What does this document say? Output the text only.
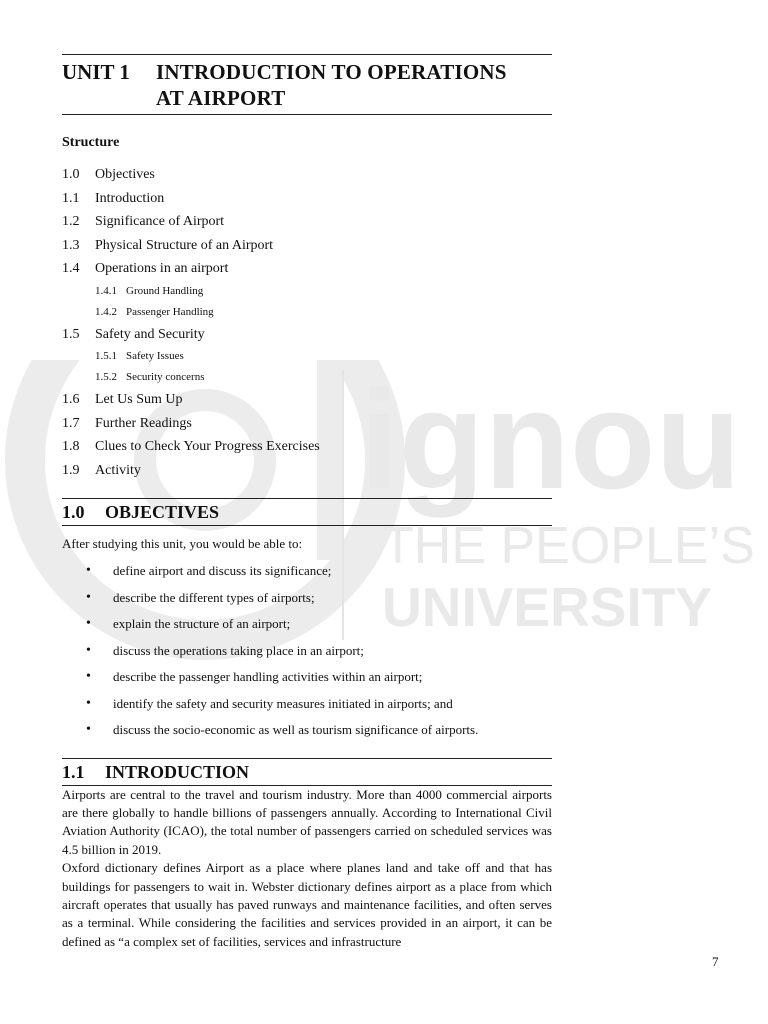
ignou
THE PEOPLE’S
UNIVERSITY
UNIT 1	INTRODUCTION TO OPERATIONS
AT AIRPORT
Structure
1.0	Objectives
1.1	Introduction
1.2	Significance of Airport
1.3	Physical Structure of an Airport
1.4	Operations in an airport
1.4.1 Ground Handling
1.4.2 Passenger Handling
1.5	Safety and Security
1.5.1 Safety Issues
1.5.2 Security concerns
1.6	Let Us Sum Up
1.7	Further Readings
1.8	Clues to Check Your Progress Exercises
1.9	Activity
1.0	OBJECTIVES
After studying this unit, you would be able to:
• define airport and discuss its significance;
• describe the different types of airports;
• explain the structure of an airport;
• discuss the operations taking place in an airport;
• describe the passenger handling activities within an airport;
• identify the safety and security measures initiated in airports; and
• discuss the socio-economic as well as tourism significance of airports.
1.1	INTRODUCTION

Airports are central to the travel and tourism industry. More than 4000 commercial airports are there globally to handle billions of passengers annually. According to International Civil Aviation Authority (ICAO), the total number of passengers carried on scheduled services was 4.5 billion in 2019.

Oxford dictionary defines Airport as a place where planes land and take off and that has buildings for passengers to wait in. Webster dictionary defines airport as a place from which aircraft operates that usually has paved runways and maintenance facilities, and often serves as a terminal. While considering the facilities and services provided in an airport, it can be defined as “a complex set of facilities, services and infrastructure

7
